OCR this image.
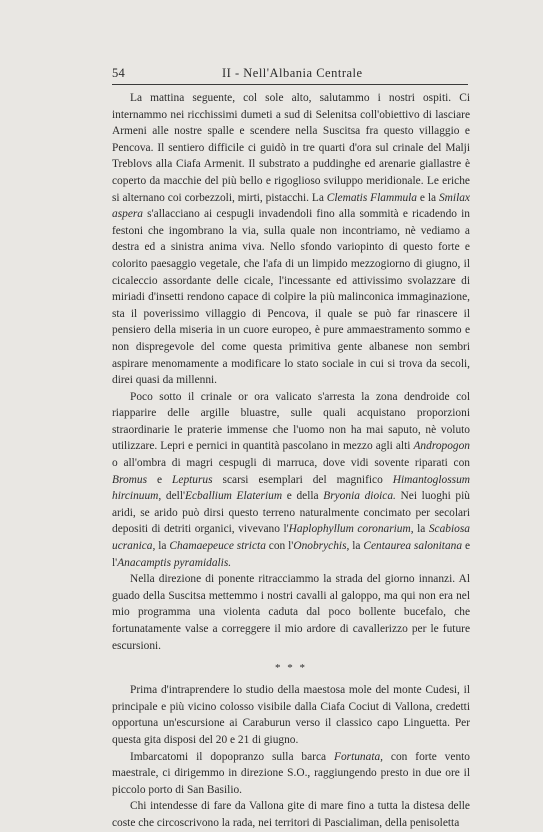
54	II - Nell'Albania Centrale

La mattina seguente, col sole alto, salutammo i nostri ospiti. Ci internammo nei ricchissimi dumeti a sud di Selenitsa coll'obiettivo di lasciare Armeni alle nostre spalle e scendere nella Suscitsa fra questo villaggio e Pencova. Il sentiero difficile ci guidò in tre quarti d'ora sul crinale del Malji Treblovs alla Ciafa Armenit. Il substrato a puddinghe ed arenarie giallastre è coperto da macchie del più bello e rigoglioso sviluppo meridionale. Le eriche si alternano coi corbezzoli, mirti, pistacchi. La Clematis Flammula e la Smilax aspera s'allacciano ai cespugli invadendoli fino alla sommità e ricadendo in festoni che ingombrano la via, sulla quale non incontriamo, nè vediamo a destra ed a sinistra anima viva. Nello sfondo variopinto di questo forte e colorito paesaggio vegetale, che l'afa di un limpido mezzogiorno di giugno, il cicaleccio assordante delle cicale, l'incessante ed attivissimo svolazzare di miriadi d'insetti rendono capace di colpire la più malinconica immaginazione, sta il poverissimo villaggio di Pencova, il quale se può far rinascere il pensiero della miseria in un cuore europeo, è pure ammaestramento sommo e non dispregevole del come questa primitiva gente albanese non sembri aspirare menomamente a modificare lo stato sociale in cui si trova da secoli, direi quasi da millenni.

Poco sotto il crinale or ora valicato s'arresta la zona dendroide col riapparire delle argille bluastre, sulle quali acquistano proporzioni straordinarie le praterie immense che l'uomo non ha mai saputo, nè voluto utilizzare. Lepri e pernici in quantità pascolano in mezzo agli alti Andropogon o all'ombra di magri cespugli di marruca, dove vidi sovente riparati con Bromus e Lepturus scarsi esemplari del magnifico Himantoglossum hircinuum, dell'Ecballium Elaterium e della Bryonia dioica. Nei luoghi più aridi, se arido può dirsi questo terreno naturalmente concimato per secolari depositi di detriti organici, vivevano l'Haplophyllum coronarium, la Scabiosa ucranica, la Chamaepeuce stricta con l'Onobrychis, la Centaurea salonitana e l'Anacamptis pyramidalis.

Nella direzione di ponente ritracciammo la strada del giorno innanzi. Al guado della Suscitsa mettemmo i nostri cavalli al galoppo, ma qui non era nel mio programma una violenta caduta dal poco bollente bucefalo, che fortunatamente valse a correggere il mio ardore di cavallerizzo per le future escursioni.

* * *

Prima d'intraprendere lo studio della maestosa mole del monte Cudesi, il principale e più vicino colosso visibile dalla Ciafa Cociut di Vallona, credetti opportuna un'escursione ai Caraburun verso il classico capo Linguetta. Per questa gita disposi del 20 e 21 di giugno.

Imbarcatomi il dopopranzo sulla barca Fortunata, con forte vento maestrale, ci dirigemmo in direzione S.O., raggiungendo presto in due ore il piccolo porto di San Basilio.

Chi intendesse di fare da Vallona gite di mare fino a tutta la distesa delle coste che circoscrivono la rada, nei territori di Pascialiman, della penisoletta
